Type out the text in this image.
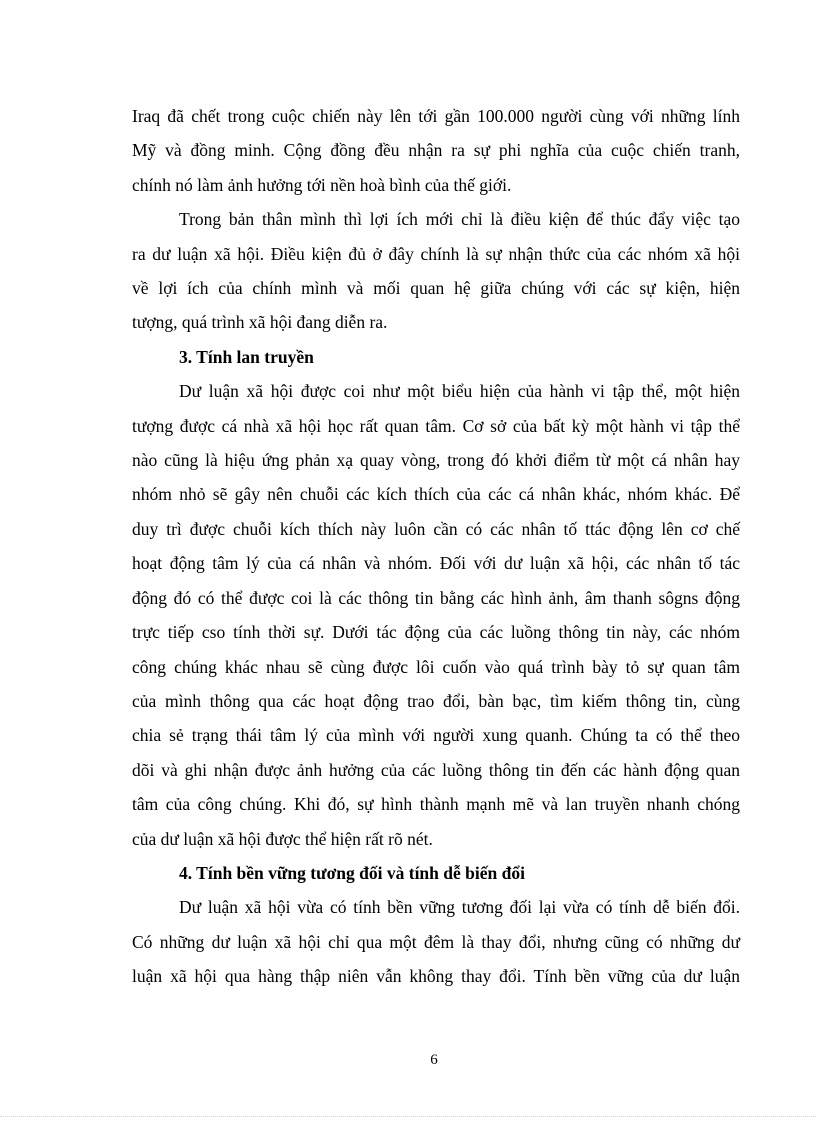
Iraq đã chết trong cuộc chiến này lên tới gần 100.000 người cùng với những lính

Mỹ và đồng minh. Cộng đồng đều nhận ra sự phi nghĩa của cuộc chiến tranh,

chính nó làm ảnh hưởng tới nền hoà bình của thế giới.

Trong bản thân mình thì lợi ích mới chỉ là điều kiện để thúc đẩy việc tạo

ra dư luận xã hội. Điều kiện đủ ở đây chính là sự nhận thức của các nhóm xã hội

về lợi ích của chính mình và mối quan hệ giữa chúng với các sự kiện, hiện

tượng, quá trình xã hội đang diễn ra.

3. Tính lan truyền

Dư luận xã hội được coi như một biểu hiện của hành vi tập thể, một hiện

tượng được cá nhà xã hội học rất quan tâm. Cơ sở của bất kỳ một hành vi tập thể

nào cũng là hiệu ứng phản xạ quay vòng, trong đó khởi điểm từ một cá nhân hay

nhóm nhỏ sẽ gây nên chuỗi các kích thích của các cá nhân khác, nhóm khác. Để

duy trì được chuỗi kích thích này luôn cần có các nhân tố ttác động lên cơ chế

hoạt động tâm lý của cá nhân và nhóm. Đối với dư luận xã hội, các nhân tố tác

động đó có thể được coi là các thông tin bằng các hình ảnh, âm thanh sôgns động

trực tiếp cso tính thời sự. Dưới tác động của các luồng thông tin này, các nhóm

công chúng khác nhau sẽ cùng được lôi cuốn vào quá trình bày tỏ sự quan tâm

của mình thông qua các hoạt động trao đổi, bàn bạc, tìm kiếm thông tin, cùng

chia sẻ trạng thái tâm lý của mình với người xung quanh. Chúng ta có thể theo

dõi và ghi nhận được ảnh hưởng của các luồng thông tin đến các hành động quan

tâm của công chúng. Khi đó, sự hình thành mạnh mẽ và lan truyền nhanh chóng

của dư luận xã hội được thể hiện rất rõ nét.

4. Tính bền vững tương đối và tính dễ biến đổi

Dư luận xã hội vừa có tính bền vững tương đối lại vừa có tính dễ biến đổi.

Có những dư luận xã hội chỉ qua một đêm là thay đổi, nhưng cũng có những dư

luận xã hội qua hàng thập niên vẫn không thay đổi. Tính bền vững của dư luận

6
